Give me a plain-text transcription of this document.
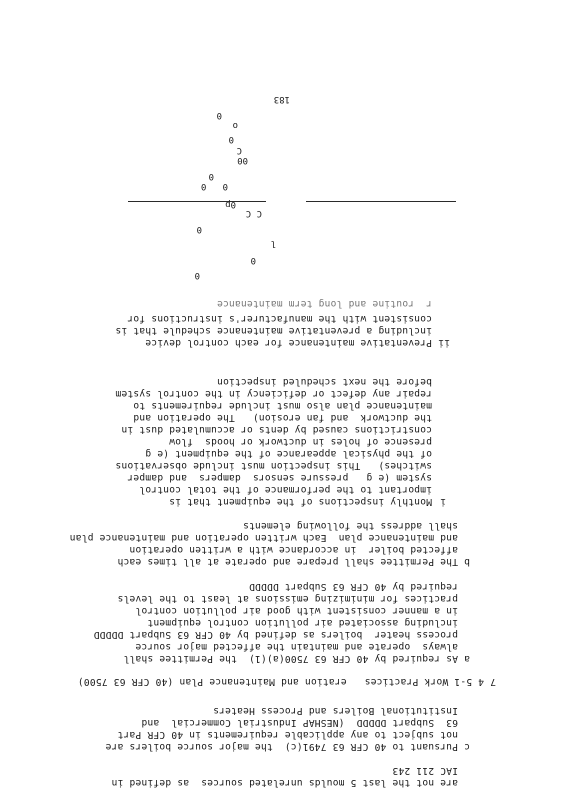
are not the last 5 moulds unrelated sources  as defined in
IAC 211 243
c
Pursuant to 40 CFR 63 7491(c)  the major source boilers are
not subject to any applicable requirements in 40 CFR Part
63  Subpart DDDDD  (NESHAP Industrial Commercial  and
Institutional Boilers and Process Heaters
7 4 5-1 Work Practices   eration and Maintenance Plan (40 CFR 63 7500)
a
As required by 40 CFR 63 7500(a)(1)  the Permittee shall
always  operate and maintain the affected major source
process heater  boilers as defined by 40 CFR 63 Subpart DDDDD
including associated air pollution control equipment
in a manner consistent with good air pollution control
practices for minimizing emissions at least to the levels
required by 40 CFR 63 Subpart DDDDD
b
The Permittee shall prepare and operate at all times each
affected boiler  in accordance with a written operation
and maintenance plan  Each written operation and maintenance plan
shall address the following elements
i
Monthly inspections of the equipment that is
important to the performance of the total control
system (e g   pressure sensors  dampers  and damper
switches)   This inspection must include observations
of the physical appearance of the equipment (e g
presence of holes in ductwork or hoods  flow
constrictions caused by dents or accumulated dust in
the ductwork  and fan erosion)   The operation and
maintenance plan also must include requirements to
repair any defect or deficiency in the control system
before the next scheduled inspection
ii
Preventative maintenance for each control device
including a preventative maintenance schedule that is
consistent with the manufacturer's instructions for
r  routine and long term maintenance
0
0
l
0
C C
0p
0   0
0
00
C
0
o
0
183
